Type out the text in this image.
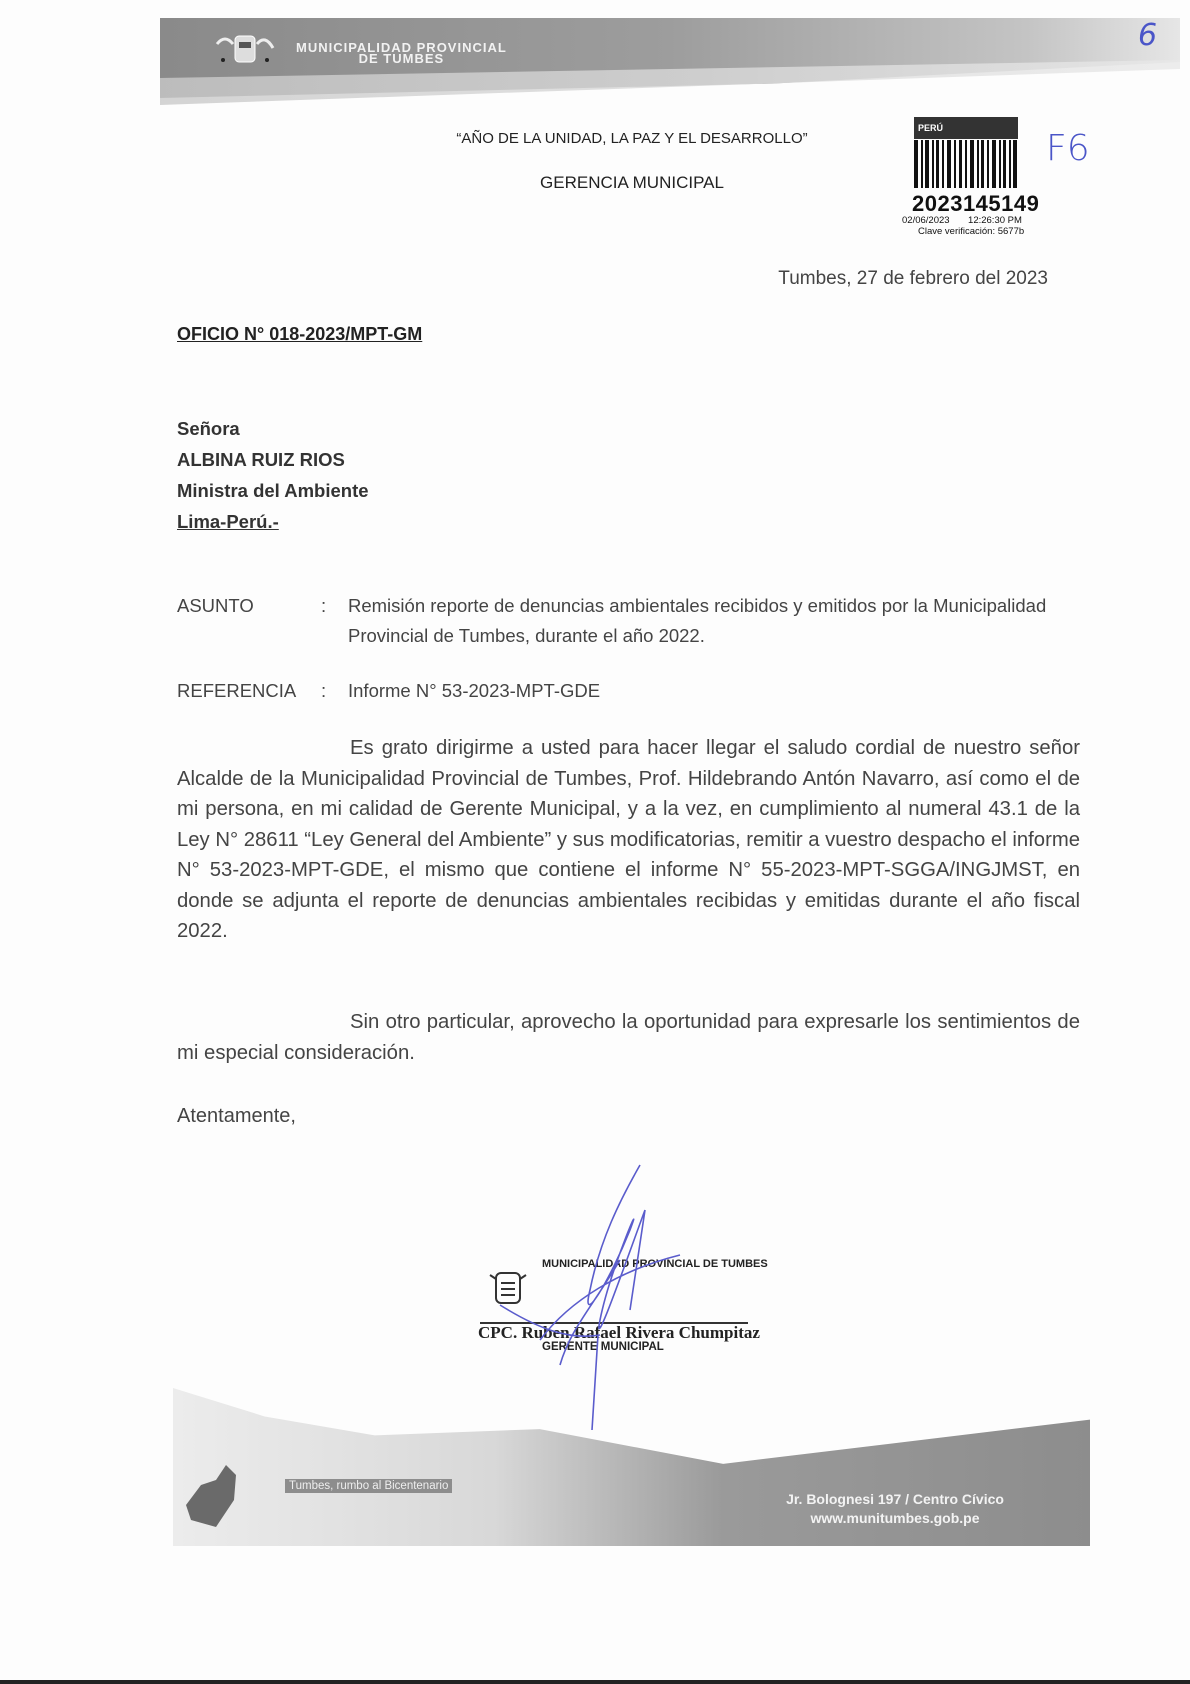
MUNICIPALIDAD PROVINCIAL
DE TUMBES
“AÑO DE LA UNIDAD, LA PAZ Y EL DESARROLLO”
GERENCIA MUNICIPAL
PERÚ
2023145149
02/06/2023 12:26:30 PM
Clave verificación: 5677b
F6
6
Tumbes, 27 de febrero del 2023
OFICIO N° 018-2023/MPT-GM
Señora
ALBINA RUIZ RIOS
Ministra del Ambiente
Lima-Perú.-
ASUNTO	: Remisión reporte de denuncias ambientales recibidos y emitidos por la Municipalidad Provincial de Tumbes, durante el año 2022.
REFERENCIA : Informe N° 53-2023-MPT-GDE
Es grato dirigirme a usted para hacer llegar el saludo cordial de nuestro señor Alcalde de la Municipalidad Provincial de Tumbes, Prof. Hildebrando Antón Navarro, así como el de mi persona, en mi calidad de Gerente Municipal, y a la vez, en cumplimiento al numeral 43.1 de la Ley N° 28611 “Ley General del Ambiente” y sus modificatorias, remitir a vuestro despacho el informe N° 53-2023-MPT-GDE, el mismo que contiene el informe N° 55-2023-MPT-SGGA/INGJMST, en donde se adjunta el reporte de denuncias ambientales recibidas y emitidas durante el año fiscal 2022.
Sin otro particular, aprovecho la oportunidad para expresarle los sentimientos de mi especial consideración.
Atentamente,
MUNICIPALIDAD PROVINCIAL DE TUMBES
CPC. Ruben Rafael Rivera Chumpitaz
GERENTE MUNICIPAL
Tumbes, rumbo al Bicentenario
Jr. Bolognesi 197 / Centro Cívico
www.munitumbes.gob.pe
